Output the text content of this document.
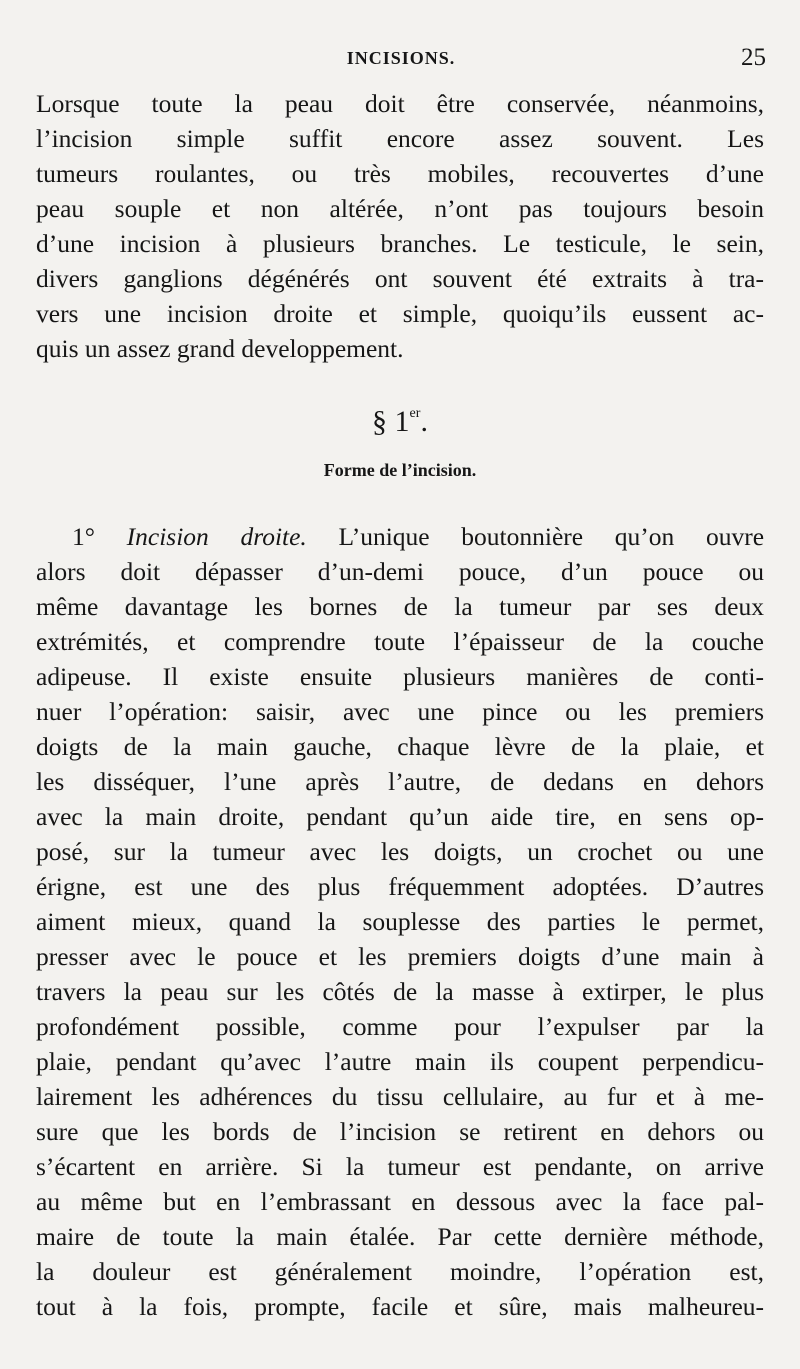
INCISIONS.	25
Lorsque toute la peau doit être conservée, néanmoins,
l’incision simple suffit encore assez souvent. Les
tumeurs roulantes, ou très mobiles, recouvertes d’une
peau souple et non altérée, n’ont pas toujours besoin
d’une incision à plusieurs branches. Le testicule, le sein,
divers ganglions dégénérés ont souvent été extraits à tra-
vers une incision droite et simple, quoiqu’ils eussent ac-
quis un assez grand developpement.
§ 1er.
Forme de l’incision.
1° Incision droite. L’unique boutonnière qu’on ouvre
alors doit dépasser d’un-demi pouce, d’un pouce ou
même davantage les bornes de la tumeur par ses deux
extrémités, et comprendre toute l’épaisseur de la couche
adipeuse. Il existe ensuite plusieurs manières de conti-
nuer l’opération: saisir, avec une pince ou les premiers
doigts de la main gauche, chaque lèvre de la plaie, et
les disséquer, l’une après l’autre, de dedans en dehors
avec la main droite, pendant qu’un aide tire, en sens op-
posé, sur la tumeur avec les doigts, un crochet ou une
érigne, est une des plus fréquemment adoptées. D’autres
aiment mieux, quand la souplesse des parties le permet,
presser avec le pouce et les premiers doigts d’une main à
travers la peau sur les côtés de la masse à extirper, le plus
profondément possible, comme pour l’expulser par la
plaie, pendant qu’avec l’autre main ils coupent perpendicu-
lairement les adhérences du tissu cellulaire, au fur et à me-
sure que les bords de l’incision se retirent en dehors ou
s’écartent en arrière. Si la tumeur est pendante, on arrive
au même but en l’embrassant en dessous avec la face pal-
maire de toute la main étalée. Par cette dernière méthode,
la douleur est généralement moindre, l’opération est,
tout à la fois, prompte, facile et sûre, mais malheureu-
